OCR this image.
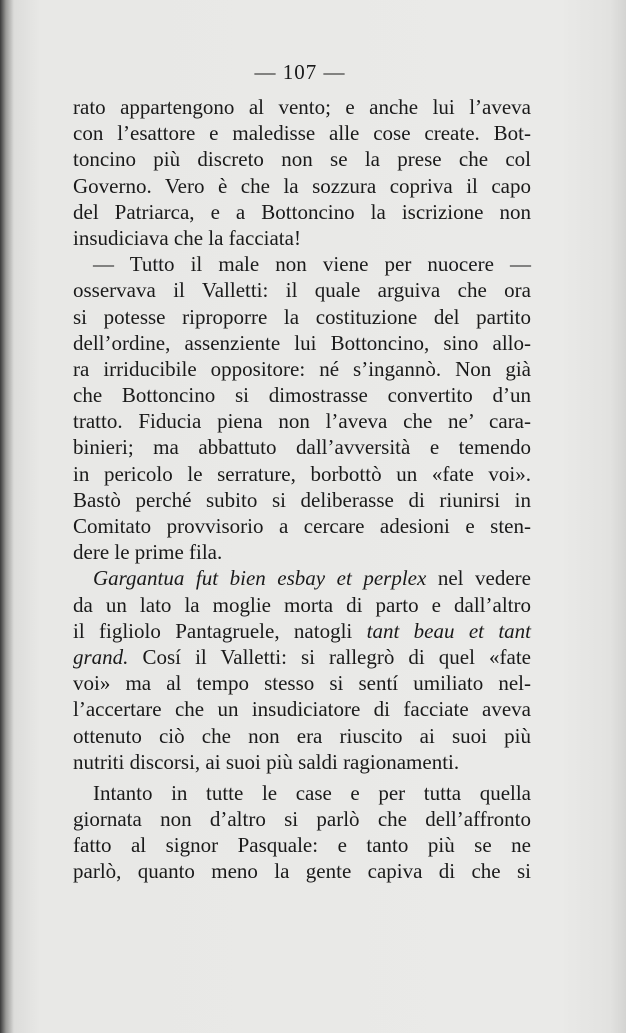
— 107 —
rato appartengono al vento; e anche lui l’aveva
con l’esattore e maledisse alle cose create. Bot-
toncino più discreto non se la prese che col
Governo. Vero è che la sozzura copriva il capo
del Patriarca, e a Bottoncino la iscrizione non
insudiciava che la facciata!
— Tutto il male non viene per nuocere —
osservava il Valletti: il quale arguiva che ora
si potesse riproporre la costituzione del partito
dell’ordine, assenziente lui Bottoncino, sino allo-
ra irriducibile oppositore: né s’ingannò. Non già
che Bottoncino si dimostrasse convertito d’un
tratto. Fiducia piena non l’aveva che ne’ cara-
binieri; ma abbattuto dall’avversità e temendo
in pericolo le serrature, borbottò un «fate voi».
Bastò perché subito si deliberasse di riunirsi in
Comitato provvisorio a cercare adesioni e sten-
dere le prime fila.
Gargantua fut bien esbay et perplex nel vedere
da un lato la moglie morta di parto e dall’altro
il figliolo Pantagruele, natogli tant beau et tant
grand. Cosí il Valletti: si rallegrò di quel «fate
voi» ma al tempo stesso si sentí umiliato nel-
l’accertare che un insudiciatore di facciate aveva
ottenuto ciò che non era riuscito ai suoi più
nutriti discorsi, ai suoi più saldi ragionamenti.
Intanto in tutte le case e per tutta quella
giornata non d’altro si parlò che dell’affronto
fatto al signor Pasquale: e tanto più se ne
parlò, quanto meno la gente capiva di che si
